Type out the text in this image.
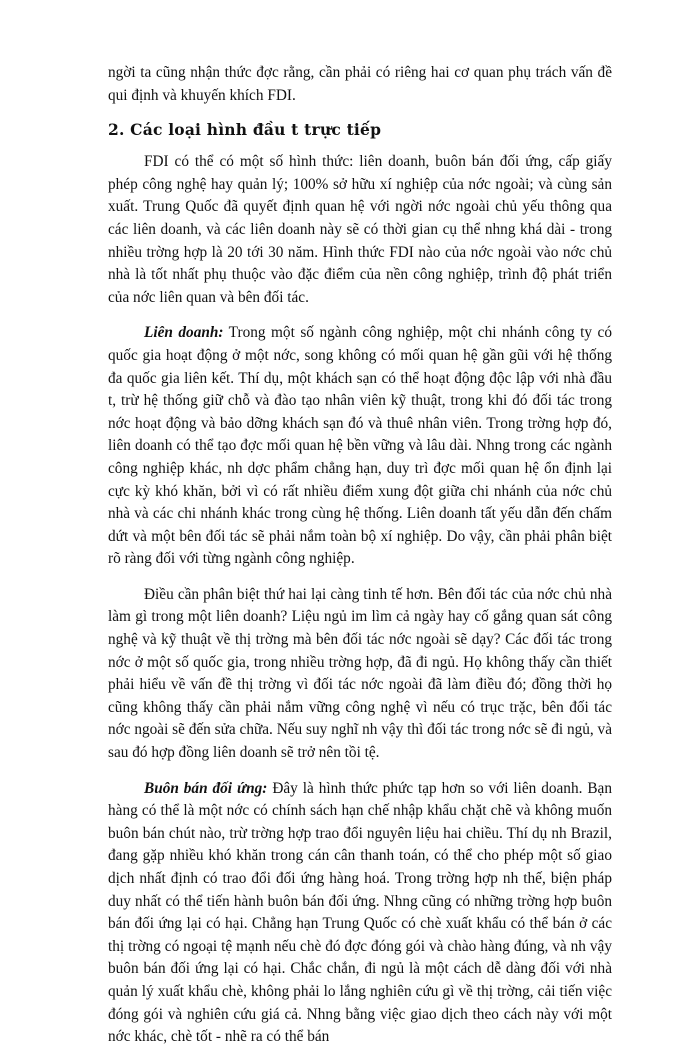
ngời ta cũng nhận thức đợc rằng, cần phải có riêng hai cơ quan phụ trách vấn đề qui định và khuyến khích FDI.

2. Các loại hình đầu t trực tiếp

FDI có thể có một số hình thức: liên doanh, buôn bán đối ứng, cấp giấy phép công nghệ hay quản lý; 100% sở hữu xí nghiệp của nớc ngoài; và cùng sản xuất. Trung Quốc đã quyết định quan hệ với ngời nớc ngoài chủ yếu thông qua các liên doanh, và các liên doanh này sẽ có thời gian cụ thể nhng khá dài - trong nhiều trờng hợp là 20 tới 30 năm. Hình thức FDI nào của nớc ngoài vào nớc chủ nhà là tốt nhất phụ thuộc vào đặc điểm của nền công nghiệp, trình độ phát triển của nớc liên quan và bên đối tác.

Liên doanh: Trong một số ngành công nghiệp, một chi nhánh công ty có quốc gia hoạt động ở một nớc, song không có mối quan hệ gần gũi với hệ thống đa quốc gia liên kết. Thí dụ, một khách sạn có thể hoạt động độc lập với nhà đầu t, trừ hệ thống giữ chỗ và đào tạo nhân viên kỹ thuật, trong khi đó đối tác trong nớc hoạt động và bảo dỡng khách sạn đó và thuê nhân viên. Trong trờng hợp đó, liên doanh có thể tạo đợc mối quan hệ bền vững và lâu dài. Nhng trong các ngành công nghiệp khác, nh dợc phẩm chẳng hạn, duy trì đợc mối quan hệ ổn định lại cực kỳ khó khăn, bởi vì có rất nhiều điểm xung đột giữa chi nhánh của nớc chủ nhà và các chi nhánh khác trong cùng hệ thống. Liên doanh tất yếu dẫn đến chấm dứt và một bên đối tác sẽ phải nắm toàn bộ xí nghiệp. Do vậy, cần phải phân biệt rõ ràng đối với từng ngành công nghiệp.

Điều cần phân biệt thứ hai lại càng tinh tế hơn. Bên đối tác của nớc chủ nhà làm gì trong một liên doanh? Liệu ngủ im lìm cả ngày hay cố gắng quan sát công nghệ và kỹ thuật về thị trờng mà bên đối tác nớc ngoài sẽ dạy? Các đối tác trong nớc ở một số quốc gia, trong nhiều trờng hợp, đã đi ngủ. Họ không thấy cần thiết phải hiểu về vấn đề thị trờng vì đối tác nớc ngoài đã làm điều đó; đồng thời họ cũng không thấy cần phải nắm vững công nghệ vì nếu có trục trặc, bên đối tác nớc ngoài sẽ đến sửa chữa. Nếu suy nghĩ nh vậy thì đối tác trong nớc sẽ đi ngủ, và sau đó hợp đồng liên doanh sẽ trở nên tồi tệ.

Buôn bán đối ứng: Đây là hình thức phức tạp hơn so với liên doanh. Bạn hàng có thể là một nớc có chính sách hạn chế nhập khẩu chặt chẽ và không muốn buôn bán chút nào, trừ trờng hợp trao đổi nguyên liệu hai chiều. Thí dụ nh Brazil, đang gặp nhiều khó khăn trong cán cân thanh toán, có thể cho phép một số giao dịch nhất định có trao đổi đối ứng hàng hoá. Trong trờng hợp nh thế, biện pháp duy nhất có thể tiến hành buôn bán đối ứng. Nhng cũng có những trờng hợp buôn bán đối ứng lại có hại. Chẳng hạn Trung Quốc có chè xuất khẩu có thể bán ở các thị trờng có ngoại tệ mạnh nếu chè đó đợc đóng gói và chào hàng đúng, và nh vậy buôn bán đối ứng lại có hại. Chắc chắn, đi ngủ là một cách dễ dàng đối với nhà quản lý xuất khẩu chè, không phải lo lắng nghiên cứu gì về thị trờng, cải tiến việc đóng gói và nghiên cứu giá cả. Nhng bằng việc giao dịch theo cách này với một nớc khác, chè tốt - nhẽ ra có thể bán
